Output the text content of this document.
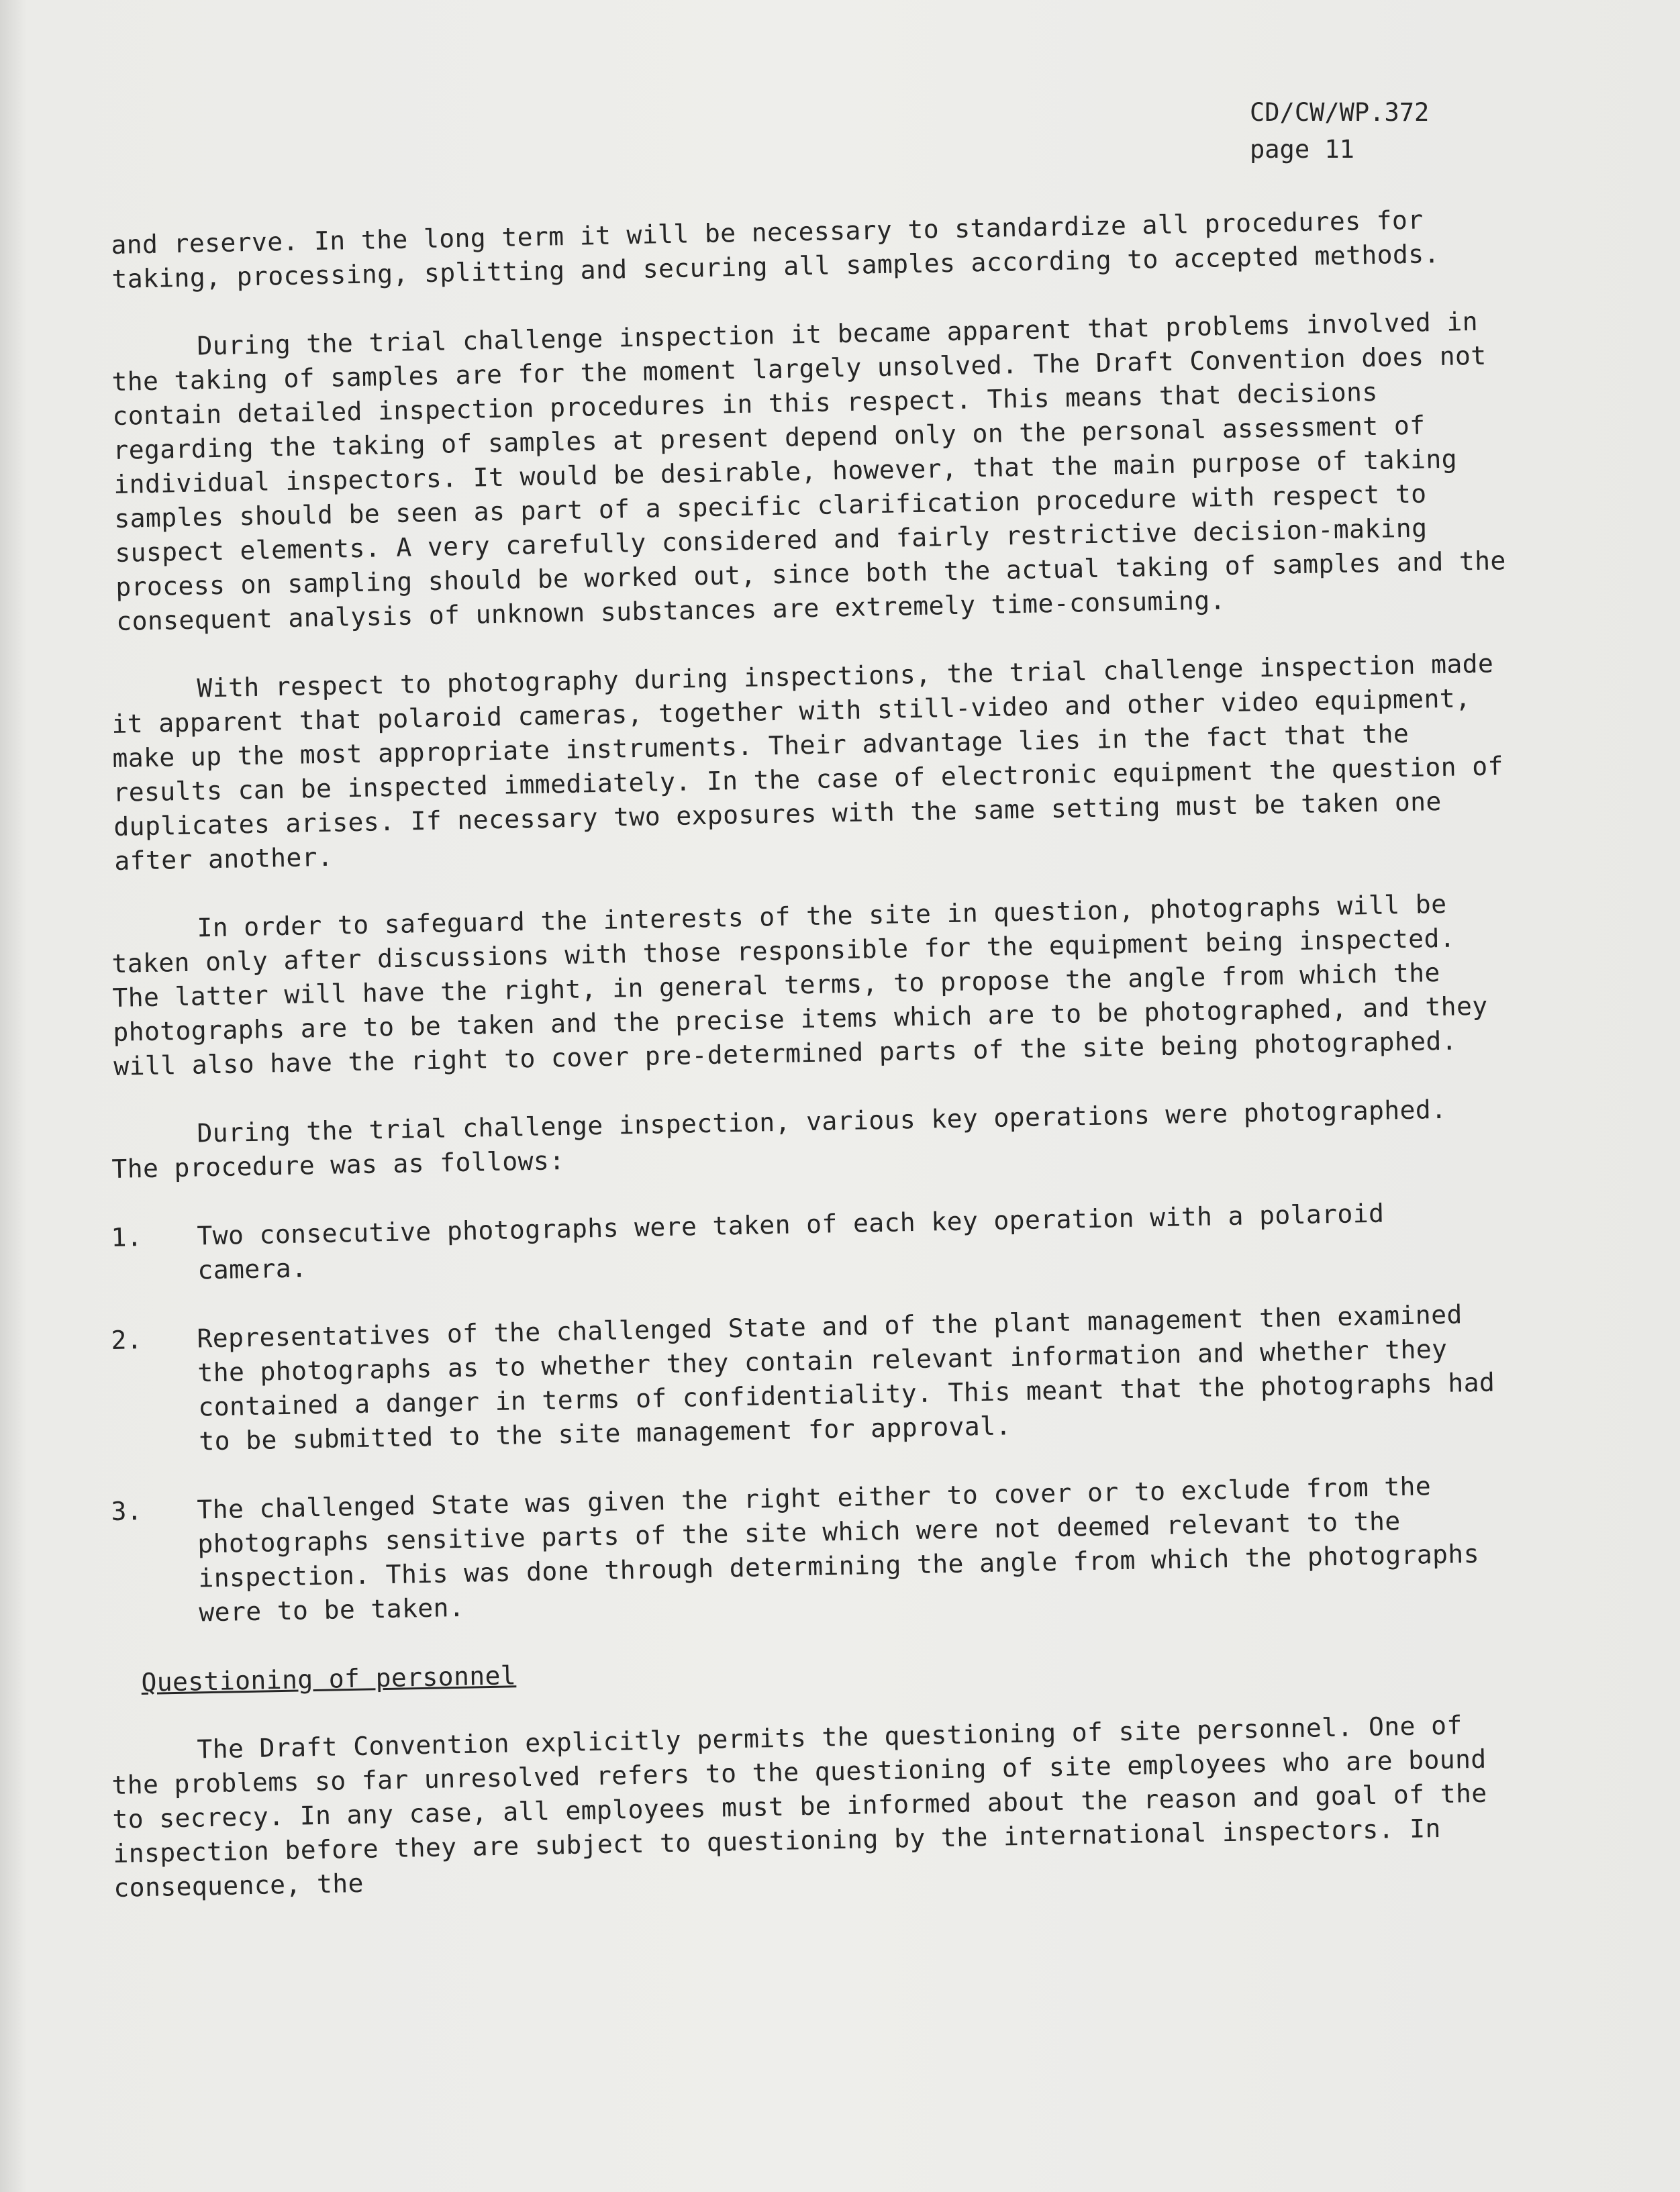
CD/CW/WP.372
page 11

and reserve. In the long term it will be necessary to standardize all procedures for taking, processing, splitting and securing all samples according to accepted methods.

During the trial challenge inspection it became apparent that problems involved in the taking of samples are for the moment largely unsolved. The Draft Convention does not contain detailed inspection procedures in this respect. This means that decisions regarding the taking of samples at present depend only on the personal assessment of individual inspectors. It would be desirable, however, that the main purpose of taking samples should be seen as part of a specific clarification procedure with respect to suspect elements. A very carefully considered and fairly restrictive decision-making process on sampling should be worked out, since both the actual taking of samples and the consequent analysis of unknown substances are extremely time-consuming.

With respect to photography during inspections, the trial challenge inspection made it apparent that polaroid cameras, together with still-video and other video equipment, make up the most appropriate instruments. Their advantage lies in the fact that the results can be inspected immediately. In the case of electronic equipment the question of duplicates arises. If necessary two exposures with the same setting must be taken one after another.

In order to safeguard the interests of the site in question, photographs will be taken only after discussions with those responsible for the equipment being inspected. The latter will have the right, in general terms, to propose the angle from which the photographs are to be taken and the precise items which are to be photographed, and they will also have the right to cover pre-determined parts of the site being photographed.

During the trial challenge inspection, various key operations were photographed. The procedure was as follows:

1.	Two consecutive photographs were taken of each key operation with a polaroid camera.
2.	Representatives of the challenged State and of the plant management then examined the photographs as to whether they contain relevant information and whether they contained a danger in terms of confidentiality. This meant that the photographs had to be submitted to the site management for approval.
3.	The challenged State was given the right either to cover or to exclude from the photographs sensitive parts of the site which were not deemed relevant to the inspection. This was done through determining the angle from which the photographs were to be taken.
Questioning of personnel

The Draft Convention explicitly permits the questioning of site personnel. One of the problems so far unresolved refers to the questioning of site employees who are bound to secrecy. In any case, all employees must be informed about the reason and goal of the inspection before they are subject to questioning by the international inspectors. In consequence, the
